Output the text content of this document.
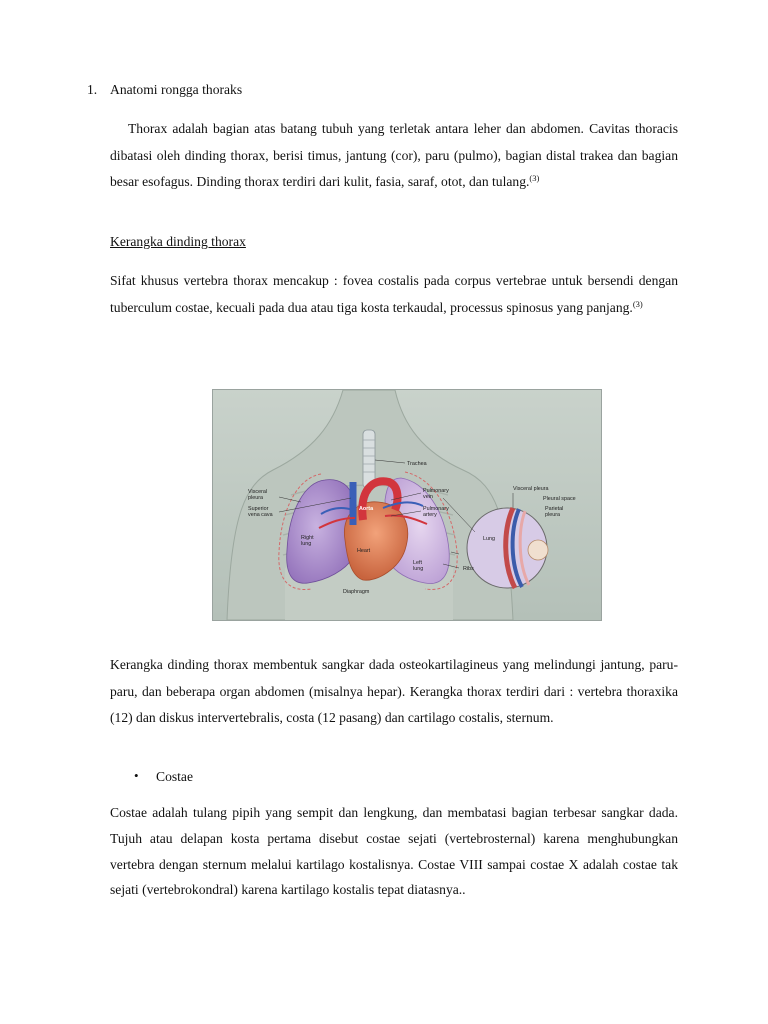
1. Anatomi rongga thoraks

Thorax adalah bagian atas batang tubuh yang terletak antara leher dan abdomen. Cavitas thoracis dibatasi oleh dinding thorax, berisi timus, jantung (cor), paru (pulmo), bagian distal trakea dan bagian besar esofagus. Dinding thorax terdiri dari kulit, fasia, saraf, otot, dan tulang.$^{(3)}$

Kerangka dinding thorax

Sifat khusus vertebra thorax mencakup : fovea costalis pada corpus vertebrae untuk bersendi dengan tuberculum costae, kecuali pada dua atau tiga kosta terkaudal, processus spinosus yang panjang.$^{(3)}$

Trachea
Visceral
pleura
Superior
vena cava
Pulmonary
vein
Pulmonary
artery
Aorta
Right
lung
Heart
Left
lung	Ribs
Diaphragm
Visceral pleura
Pleural space
Parietal
pleura
Lung

Kerangka dinding thorax membentuk sangkar dada osteokartilagineus yang melindungi jantung, paru-paru, dan beberapa organ abdomen (misalnya hepar). Kerangka thorax terdiri dari : vertebra thoraxika (12) dan diskus intervertebralis, costa (12 pasang) dan cartilago costalis, sternum.

• Costae

Costae adalah tulang pipih yang sempit dan lengkung, dan membatasi bagian terbesar sangkar dada. Tujuh atau delapan kosta pertama disebut costae sejati (vertebrosternal) karena menghubungkan vertebra dengan sternum melalui kartilago kostalisnya. Costae VIII sampai costae X adalah costae tak sejati (vertebrokondral) karena kartilago kostalis tepat diatasnya..
